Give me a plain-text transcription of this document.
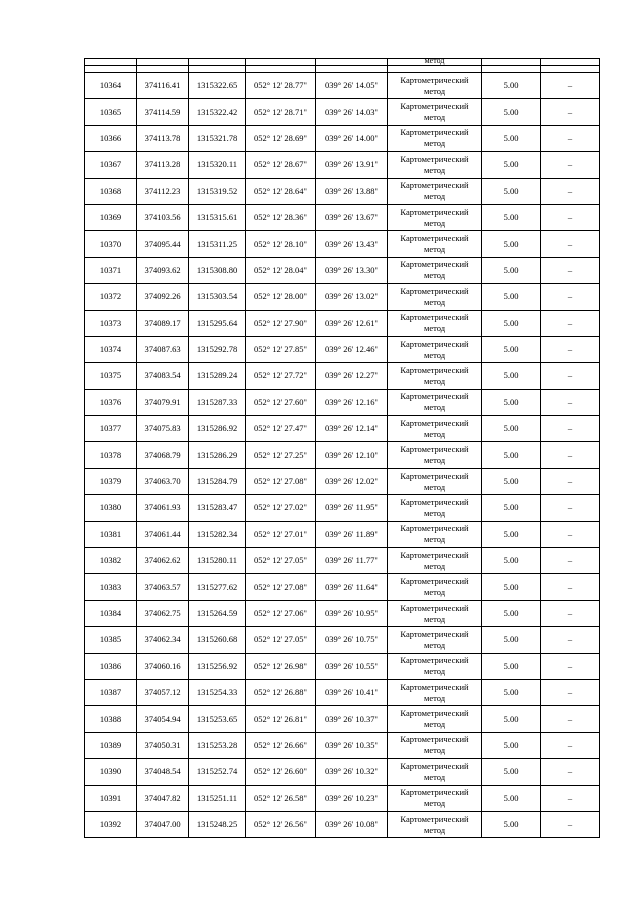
					метод		

10364	374116.41	1315322.65	052° 12' 28.77"	039° 26' 14.05"	Картометрический
метод	5.00	–
10365	374114.59	1315322.42	052° 12' 28.71"	039° 26' 14.03"	Картометрический
метод	5.00	–
10366	374113.78	1315321.78	052° 12' 28.69"	039° 26' 14.00"	Картометрический
метод	5.00	–
10367	374113.28	1315320.11	052° 12' 28.67"	039° 26' 13.91"	Картометрический
метод	5.00	–
10368	374112.23	1315319.52	052° 12' 28.64"	039° 26' 13.88"	Картометрический
метод	5.00	–
10369	374103.56	1315315.61	052° 12' 28.36"	039° 26' 13.67"	Картометрический
метод	5.00	–
10370	374095.44	1315311.25	052° 12' 28.10"	039° 26' 13.43"	Картометрический
метод	5.00	–
10371	374093.62	1315308.80	052° 12' 28.04"	039° 26' 13.30"	Картометрический
метод	5.00	–
10372	374092.26	1315303.54	052° 12' 28.00"	039° 26' 13.02"	Картометрический
метод	5.00	–
10373	374089.17	1315295.64	052° 12' 27.90"	039° 26' 12.61"	Картометрический
метод	5.00	–
10374	374087.63	1315292.78	052° 12' 27.85"	039° 26' 12.46"	Картометрический
метод	5.00	–
10375	374083.54	1315289.24	052° 12' 27.72"	039° 26' 12.27"	Картометрический
метод	5.00	–
10376	374079.91	1315287.33	052° 12' 27.60"	039° 26' 12.16"	Картометрический
метод	5.00	–
10377	374075.83	1315286.92	052° 12' 27.47"	039° 26' 12.14"	Картометрический
метод	5.00	–
10378	374068.79	1315286.29	052° 12' 27.25"	039° 26' 12.10"	Картометрический
метод	5.00	–
10379	374063.70	1315284.79	052° 12' 27.08"	039° 26' 12.02"	Картометрический
метод	5.00	–
10380	374061.93	1315283.47	052° 12' 27.02"	039° 26' 11.95"	Картометрический
метод	5.00	–
10381	374061.44	1315282.34	052° 12' 27.01"	039° 26' 11.89"	Картометрический
метод	5.00	–
10382	374062.62	1315280.11	052° 12' 27.05"	039° 26' 11.77"	Картометрический
метод	5.00	–
10383	374063.57	1315277.62	052° 12' 27.08"	039° 26' 11.64"	Картометрический
метод	5.00	–
10384	374062.75	1315264.59	052° 12' 27.06"	039° 26' 10.95"	Картометрический
метод	5.00	–
10385	374062.34	1315260.68	052° 12' 27.05"	039° 26' 10.75"	Картометрический
метод	5.00	–
10386	374060.16	1315256.92	052° 12' 26.98"	039° 26' 10.55"	Картометрический
метод	5.00	–
10387	374057.12	1315254.33	052° 12' 26.88"	039° 26' 10.41"	Картометрический
метод	5.00	–
10388	374054.94	1315253.65	052° 12' 26.81"	039° 26' 10.37"	Картометрический
метод	5.00	–
10389	374050.31	1315253.28	052° 12' 26.66"	039° 26' 10.35"	Картометрический
метод	5.00	–
10390	374048.54	1315252.74	052° 12' 26.60"	039° 26' 10.32"	Картометрический
метод	5.00	–
10391	374047.82	1315251.11	052° 12' 26.58"	039° 26' 10.23"	Картометрический
метод	5.00	–
10392	374047.00	1315248.25	052° 12' 26.56"	039° 26' 10.08"	Картометрический
метод	5.00	–
